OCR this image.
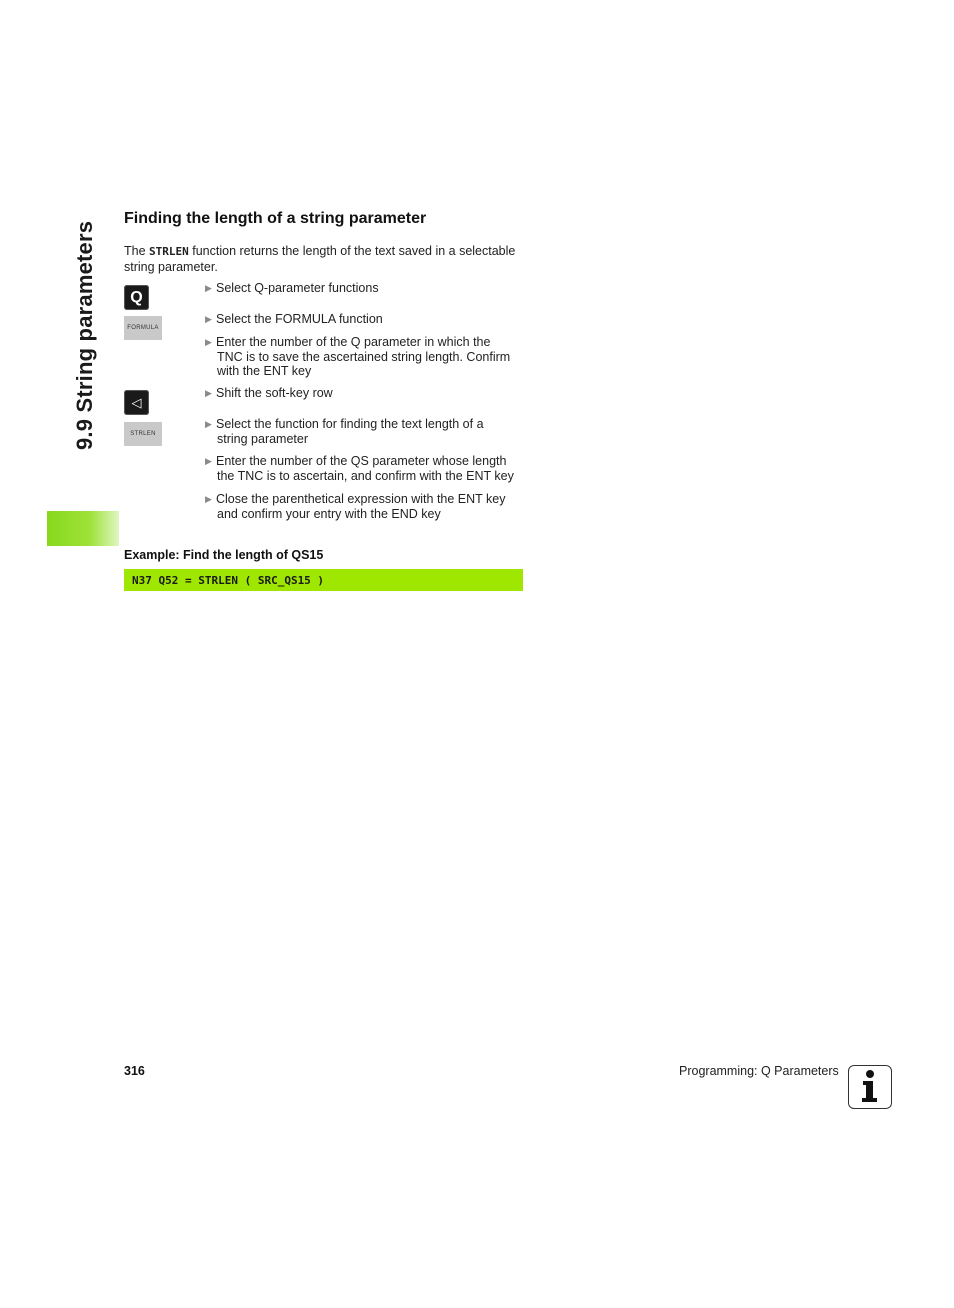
9.9 String parameters
Finding the length of a string parameter
The STRLEN function returns the length of the text saved in a selectable
string parameter.
Q
FORMULA
◁
STRLEN
▶ Select Q-parameter functions
▶ Select the FORMULA function
▶ Enter the number of the Q parameter in which the
TNC is to save the ascertained string length. Confirm
with the ENT key
▶ Shift the soft-key row
▶ Select the function for finding the text length of a
string parameter
▶ Enter the number of the QS parameter whose length
the TNC is to ascertain, and confirm with the ENT key
▶ Close the parenthetical expression with the ENT key
and confirm your entry with the END key
Example: Find the length of QS15
N37 Q52 = STRLEN ( SRC_QS15 )
316	Programming: Q Parameters
